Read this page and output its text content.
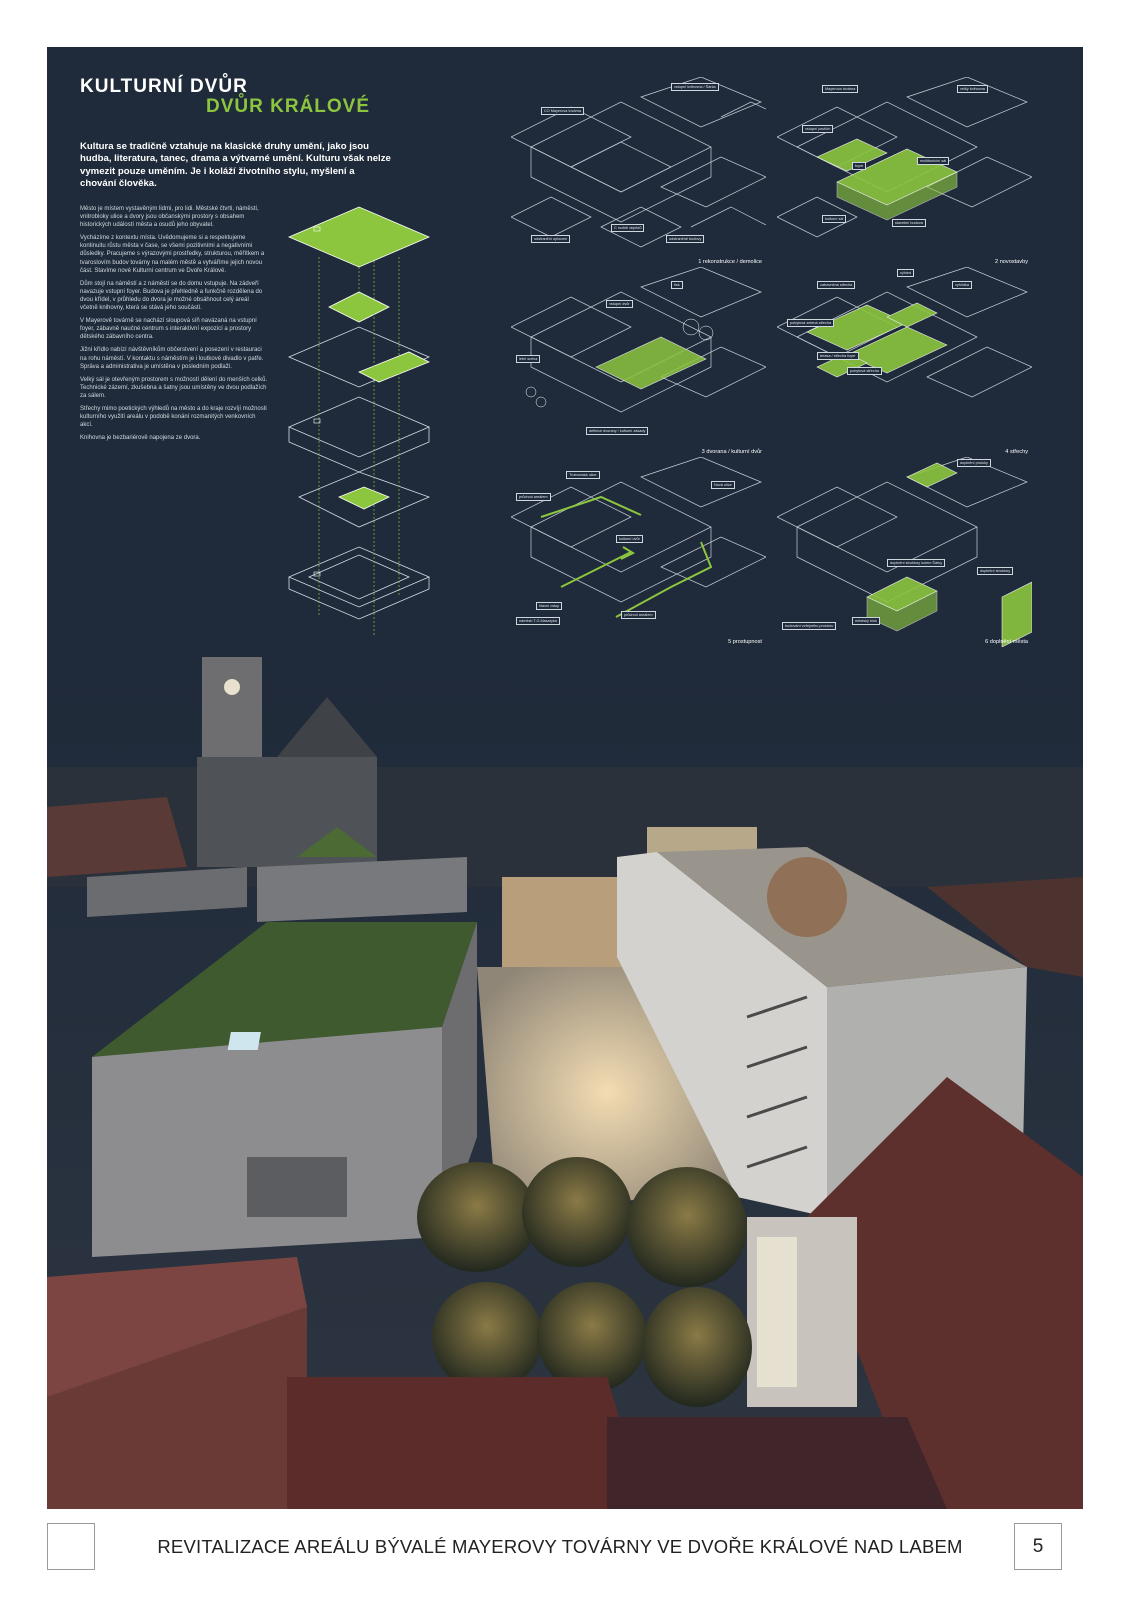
KULTURNÍ DVŮR
DVŮR KRÁLOVÉ
Kultura se tradičně vztahuje na klasické druhy umění, jako jsou hudba, literatura, tanec, drama a výtvarné umění. Kulturu však nelze vymezit pouze uměním. Je i koláží životního stylu, myšlení a chování člověka.

Město je místem vystavěným lidmi, pro lidi. Městské čtvrti, náměstí, vnitrobloky ulice a dvory jsou občanskými prostory s obsahem historických událostí města a osudů jeho obyvatel.

Vycházíme z kontextu místa. Uvědomujeme si a respektujeme kontinuitu růstu města v čase, se všemi pozitivními a negativními důsledky. Pracujeme s výrazovými prostředky, strukturou, měřítkem a tvaroslovím budov továrny na malém městě a vytváříme jejich novou část. Stavíme nové Kulturní centrum ve Dvoře Králové.

Dům stojí na náměstí a z náměstí se do domu vstupuje. Na zádveří navazuje vstupní foyer. Budova je přehledně a funkčně rozdělena do dvou křídel, v průhledu do dvora je možné obsáhnout celý areál včetně knihovny, která se stává jeho součástí.

V Mayerově továrně se nachází sloupová síň navázaná na vstupní foyer, zábavně naučné centrum s interaktivní expozicí a prostory dětského zábavního centra.

Jižní křídlo nabízí návštěvníkům občerstvení a posezení v restauraci na rohu náměstí. V kontaktu s náměstím je i loutkové divadlo v patře. Správa a administrativa je umístěna v posledním podlaží.

Velký sál je otevřeným prostorem s možností dělení do menších celků. Technické zázemí, zkušebna a šatny jsou umístěny ve dvou podlažích za sálem.

Střechy mimo poetických výhledů na město a do kraje rozvíjí možnosti kulturního využití areálu v podobě konání rozmanitých venkovních akcí.

Knihovna je bezbariérově napojena ze dvora.

vstupní knihovna / Šárka
CO Mayerova továrna
C rozbití objektů
odstraněné budovy
odstranění oploceni
1 rekonstrukce / demolice
Mayerova továrna	velký knihovna
vstupní pavilón
foyer
multifunkční sál
kulturní sál
stavební budova
2 novostavby
vstupní dvůr
tisk
letní scéna
definice dvorany / kulturní zásady
3 dvorana / kulturní dvůr
výhled
vyhlídka
zatravněná střecha
pobytová zelená střecha
terasa / střecha foyer
pobytová střecha
4 střechy
Trutnovská ulice
Nová ulice
průchod areálem
kulturní dvůr
hlavní vstup
náměstí T.G.Masaryka
průchod areálem
5 prostupnost
doplnění proluky
doplnění struktury
doplnění struktury kolem Šárky
budování veřejného prostoru
městský blok
6 doplnění města
REVITALIZACE AREÁLU BÝVALÉ MAYEROVY TOVÁRNY VE DVOŘE KRÁLOVÉ NAD LABEM	5
